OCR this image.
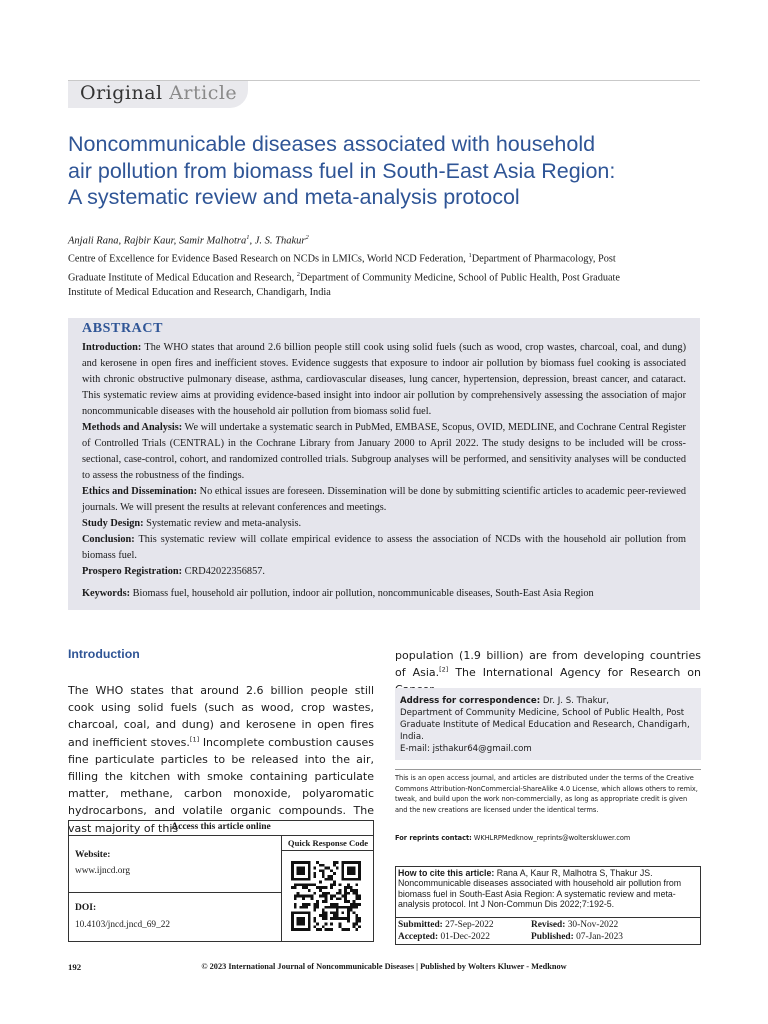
Original Article
Noncommunicable diseases associated with household
air pollution from biomass fuel in South-East Asia Region:
A systematic review and meta-analysis protocol
Anjali Rana, Rajbir Kaur, Samir Malhotra$^1$, J. S. Thakur$^2$
Centre of Excellence for Evidence Based Research on NCDs in LMICs, World NCD Federation, $^1$Department of Pharmacology, Post
Graduate Institute of Medical Education and Research, $^2$Department of Community Medicine, School of Public Health, Post Graduate
Institute of Medical Education and Research, Chandigarh, India
ABSTRACT

Introduction: The WHO states that around 2.6 billion people still cook using solid fuels (such as wood, crop wastes, charcoal, coal, and dung) and kerosene in open fires and inefficient stoves. Evidence suggests that exposure to indoor air pollution by biomass fuel cooking is associated with chronic obstructive pulmonary disease, asthma, cardiovascular diseases, lung cancer, hypertension, depression, breast cancer, and cataract. This systematic review aims at providing evidence-based insight into indoor air pollution by comprehensively assessing the association of major noncommunicable diseases with the household air pollution from biomass solid fuel.

Methods and Analysis: We will undertake a systematic search in PubMed, EMBASE, Scopus, OVID, MEDLINE, and Cochrane Central Register of Controlled Trials (CENTRAL) in the Cochrane Library from January 2000 to April 2022. The study designs to be included will be cross-sectional, case-control, cohort, and randomized controlled trials. Subgroup analyses will be performed, and sensitivity analyses will be conducted to assess the robustness of the findings.

Ethics and Dissemination: No ethical issues are foreseen. Dissemination will be done by submitting scientific articles to academic peer-reviewed journals. We will present the results at relevant conferences and meetings.

Study Design: Systematic review and meta-analysis.

Conclusion: This systematic review will collate empirical evidence to assess the association of NCDs with the household air pollution from biomass fuel.

Prospero Registration: CRD42022356857.

Keywords: Biomass fuel, household air pollution, indoor air pollution, noncommunicable diseases, South-East Asia Region

Introduction
The WHO states that around 2.6 billion people still cook using solid fuels (such as wood, crop wastes, charcoal, coal, and dung) and kerosene in open fires and inefficient stoves.[1] Incomplete combustion causes fine particulate particles to be released into the air, filling the kitchen with smoke containing particulate matter, methane, carbon monoxide, polyaromatic hydrocarbons, and volatile organic compounds. The vast majority of this
Access this article online
Quick Response Code
Website:
www.ijncd.org
DOI:
10.4103/jncd.jncd_69_22
population (1.9 billion) are from developing countries of Asia.[2] The International Agency for Research on
Address for correspondence: Dr. J. S. Thakur,
Department of Community Medicine, School of Public Health, Post
Graduate Institute of Medical Education and Research, Chandigarh,
India.
E-mail: jsthakur64@gmail.com
This is an open access journal, and articles are distributed under the terms of the Creative Commons Attribution-NonCommercial-ShareAlike 4.0 License, which allows others to remix, tweak, and build upon the work non-commercially, as long as appropriate credit is given and the new creations are licensed under the identical terms.
For reprints contact: WKHLRPMedknow_reprints@wolterskluwer.com
How to cite this article: Rana A, Kaur R, Malhotra S, Thakur JS. Noncommunicable diseases associated with household air pollution from biomass fuel in South-East Asia Region: A systematic review and meta-analysis protocol. Int J Non-Commun Dis 2022;7:192-5.
Submitted: 27-Sep-2022	Revised: 30-Nov-2022
Accepted: 01-Dec-2022	Published: 07-Jan-2023
© 2023 International Journal of Noncommunicable Diseases | Published by Wolters Kluwer - Medknow
192
